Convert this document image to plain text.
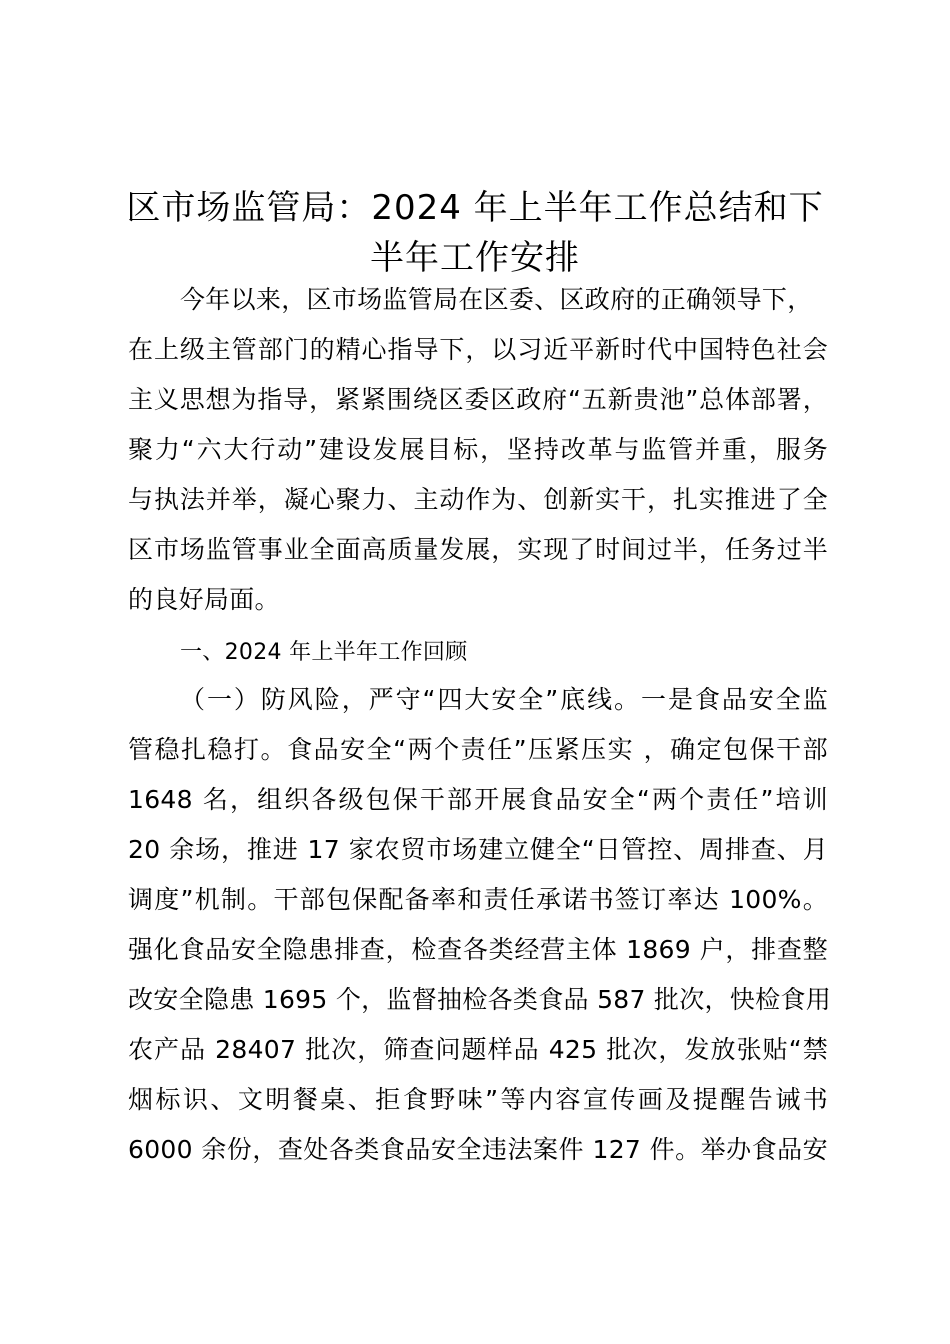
区市场监管局：2024 年上半年工作总结和下
半年工作安排
今年以来，区市场监管局在区委、区政府的正确领导下，
在上级主管部门的精心指导下，以习近平新时代中国特色社会
主义思想为指导，紧紧围绕区委区政府“五新贵池”总体部署，
聚力“六大行动”建设发展目标，坚持改革与监管并重，服务
与执法并举，凝心聚力、主动作为、创新实干，扎实推进了全
区市场监管事业全面高质量发展，实现了时间过半，任务过半
的良好局面。
一、2024 年上半年工作回顾
（一）防风险，严守“四大安全”底线。一是食品安全监
管稳扎稳打。食品安全“两个责任”压紧压实 ，确定包保干部
1648 名，组织各级包保干部开展食品安全“两个责任”培训
20 余场，推进 17 家农贸市场建立健全“日管控、周排查、月
调度”机制。干部包保配备率和责任承诺书签订率达 100%。
强化食品安全隐患排查，检查各类经营主体 1869 户，排查整
改安全隐患 1695 个，监督抽检各类食品 587 批次，快检食用
农产品 28407 批次，筛查问题样品 425 批次，发放张贴“禁
烟标识、文明餐桌、拒食野味”等内容宣传画及提醒告诫书
6000 余份，查处各类食品安全违法案件 127 件。举办食品安
